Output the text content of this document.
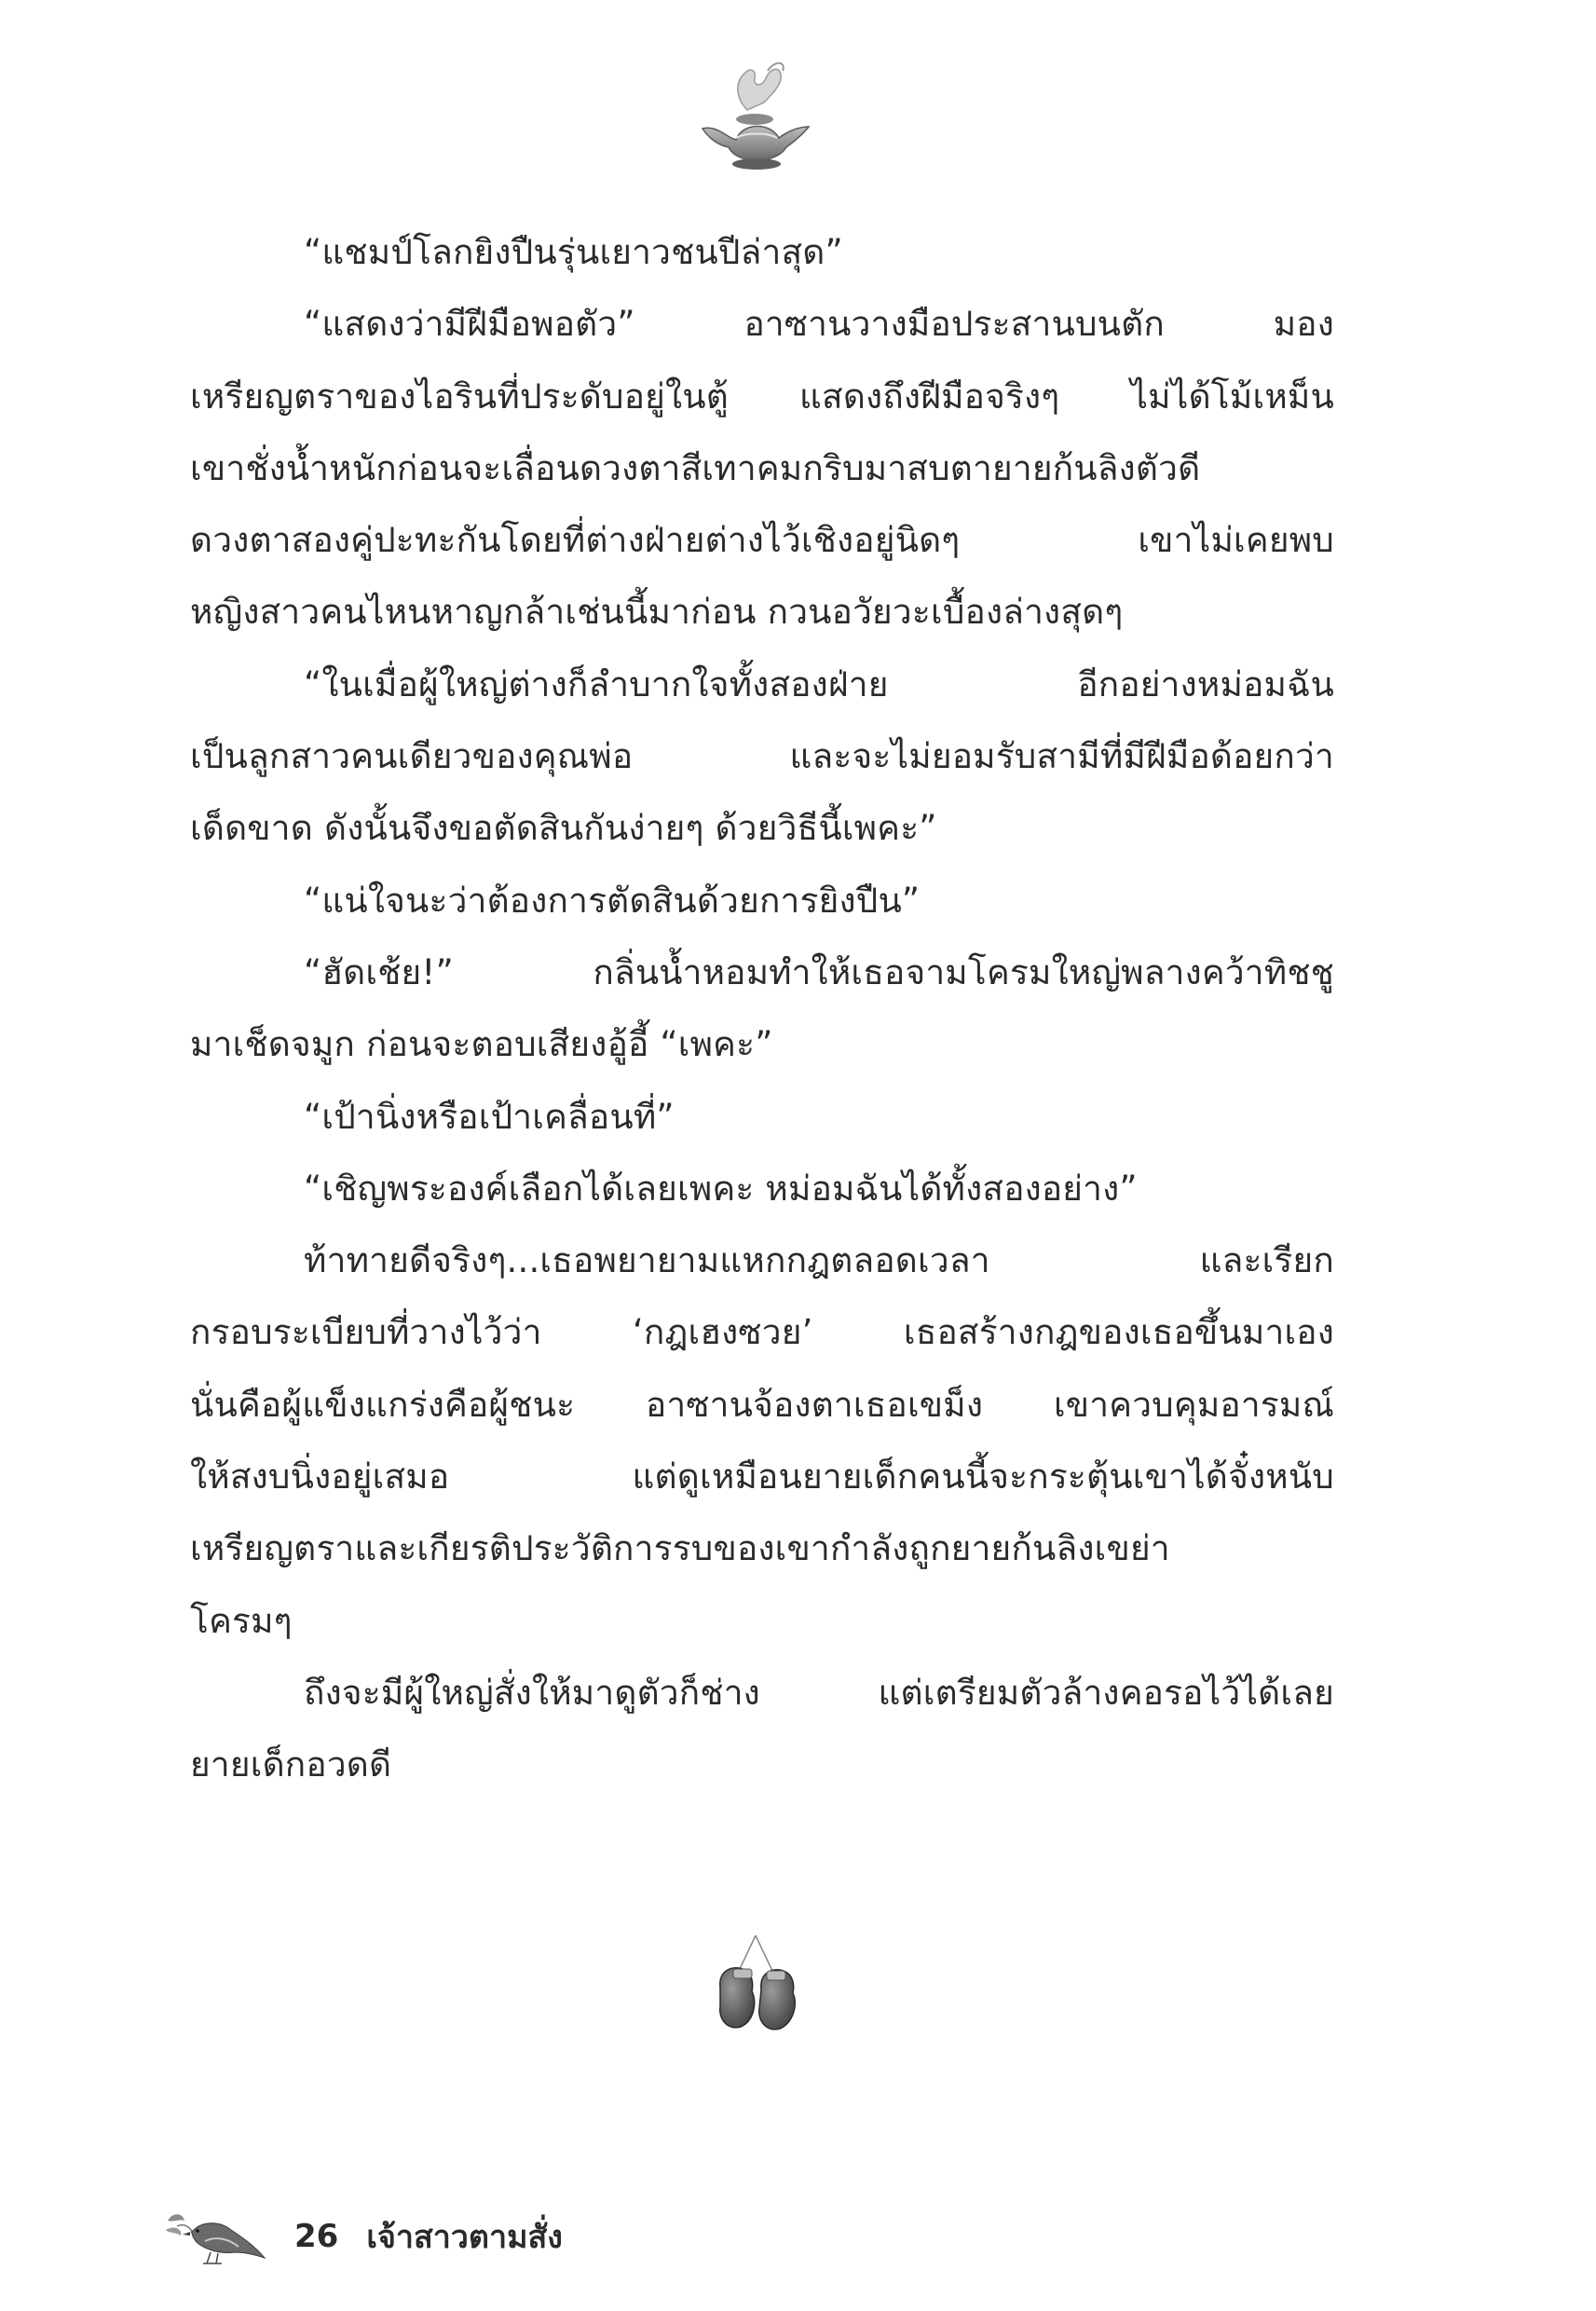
“แชมป์โลกยิงปืนรุ่นเยาวชนปีล่าสุด”
“แสดงว่ามีฝีมือพอตัว” อาซานวางมือประสานบนตัก มอง
เหรียญตราของไอรินที่ประดับอยู่ในตู้ แสดงถึงฝีมือจริงๆ ไม่ได้โม้เหม็น
เขาชั่งน้ำหนักก่อนจะเลื่อนดวงตาสีเทาคมกริบมาสบตายายก้นลิงตัวดี
ดวงตาสองคู่ปะทะกันโดยที่ต่างฝ่ายต่างไว้เชิงอยู่นิดๆ เขาไม่เคยพบ
หญิงสาวคนไหนหาญกล้าเช่นนี้มาก่อน กวนอวัยวะเบื้องล่างสุดๆ
“ในเมื่อผู้ใหญ่ต่างก็ลำบากใจทั้งสองฝ่าย อีกอย่างหม่อมฉัน
เป็นลูกสาวคนเดียวของคุณพ่อ และจะไม่ยอมรับสามีที่มีฝีมือด้อยกว่า
เด็ดขาด ดังนั้นจึงขอตัดสินกันง่ายๆ ด้วยวิธีนี้เพคะ”
“แน่ใจนะว่าต้องการตัดสินด้วยการยิงปืน”
“ฮัดเช้ย!” กลิ่นน้ำหอมทำให้เธอจามโครมใหญ่พลางคว้าทิชชู
มาเช็ดจมูก ก่อนจะตอบเสียงอู้อี้ “เพคะ”
“เป้านิ่งหรือเป้าเคลื่อนที่”
“เชิญพระองค์เลือกได้เลยเพคะ หม่อมฉันได้ทั้งสองอย่าง”
ท้าทายดีจริงๆ...เธอพยายามแหกกฎตลอดเวลา และเรียก
กรอบระเบียบที่วางไว้ว่า ‘กฎเฮงซวย’ เธอสร้างกฎของเธอขึ้นมาเอง
นั่นคือผู้แข็งแกร่งคือผู้ชนะ อาซานจ้องตาเธอเขม็ง เขาควบคุมอารมณ์
ให้สงบนิ่งอยู่เสมอ แต่ดูเหมือนยายเด็กคนนี้จะกระตุ้นเขาได้จั๋งหนับ
เหรียญตราและเกียรติประวัติการรบของเขากำลังถูกยายก้นลิงเขย่า
โครมๆ
ถึงจะมีผู้ใหญ่สั่งให้มาดูตัวก็ช่าง แต่เตรียมตัวล้างคอรอไว้ได้เลย
ยายเด็กอวดดี
26 เจ้าสาวตามสั่ง
